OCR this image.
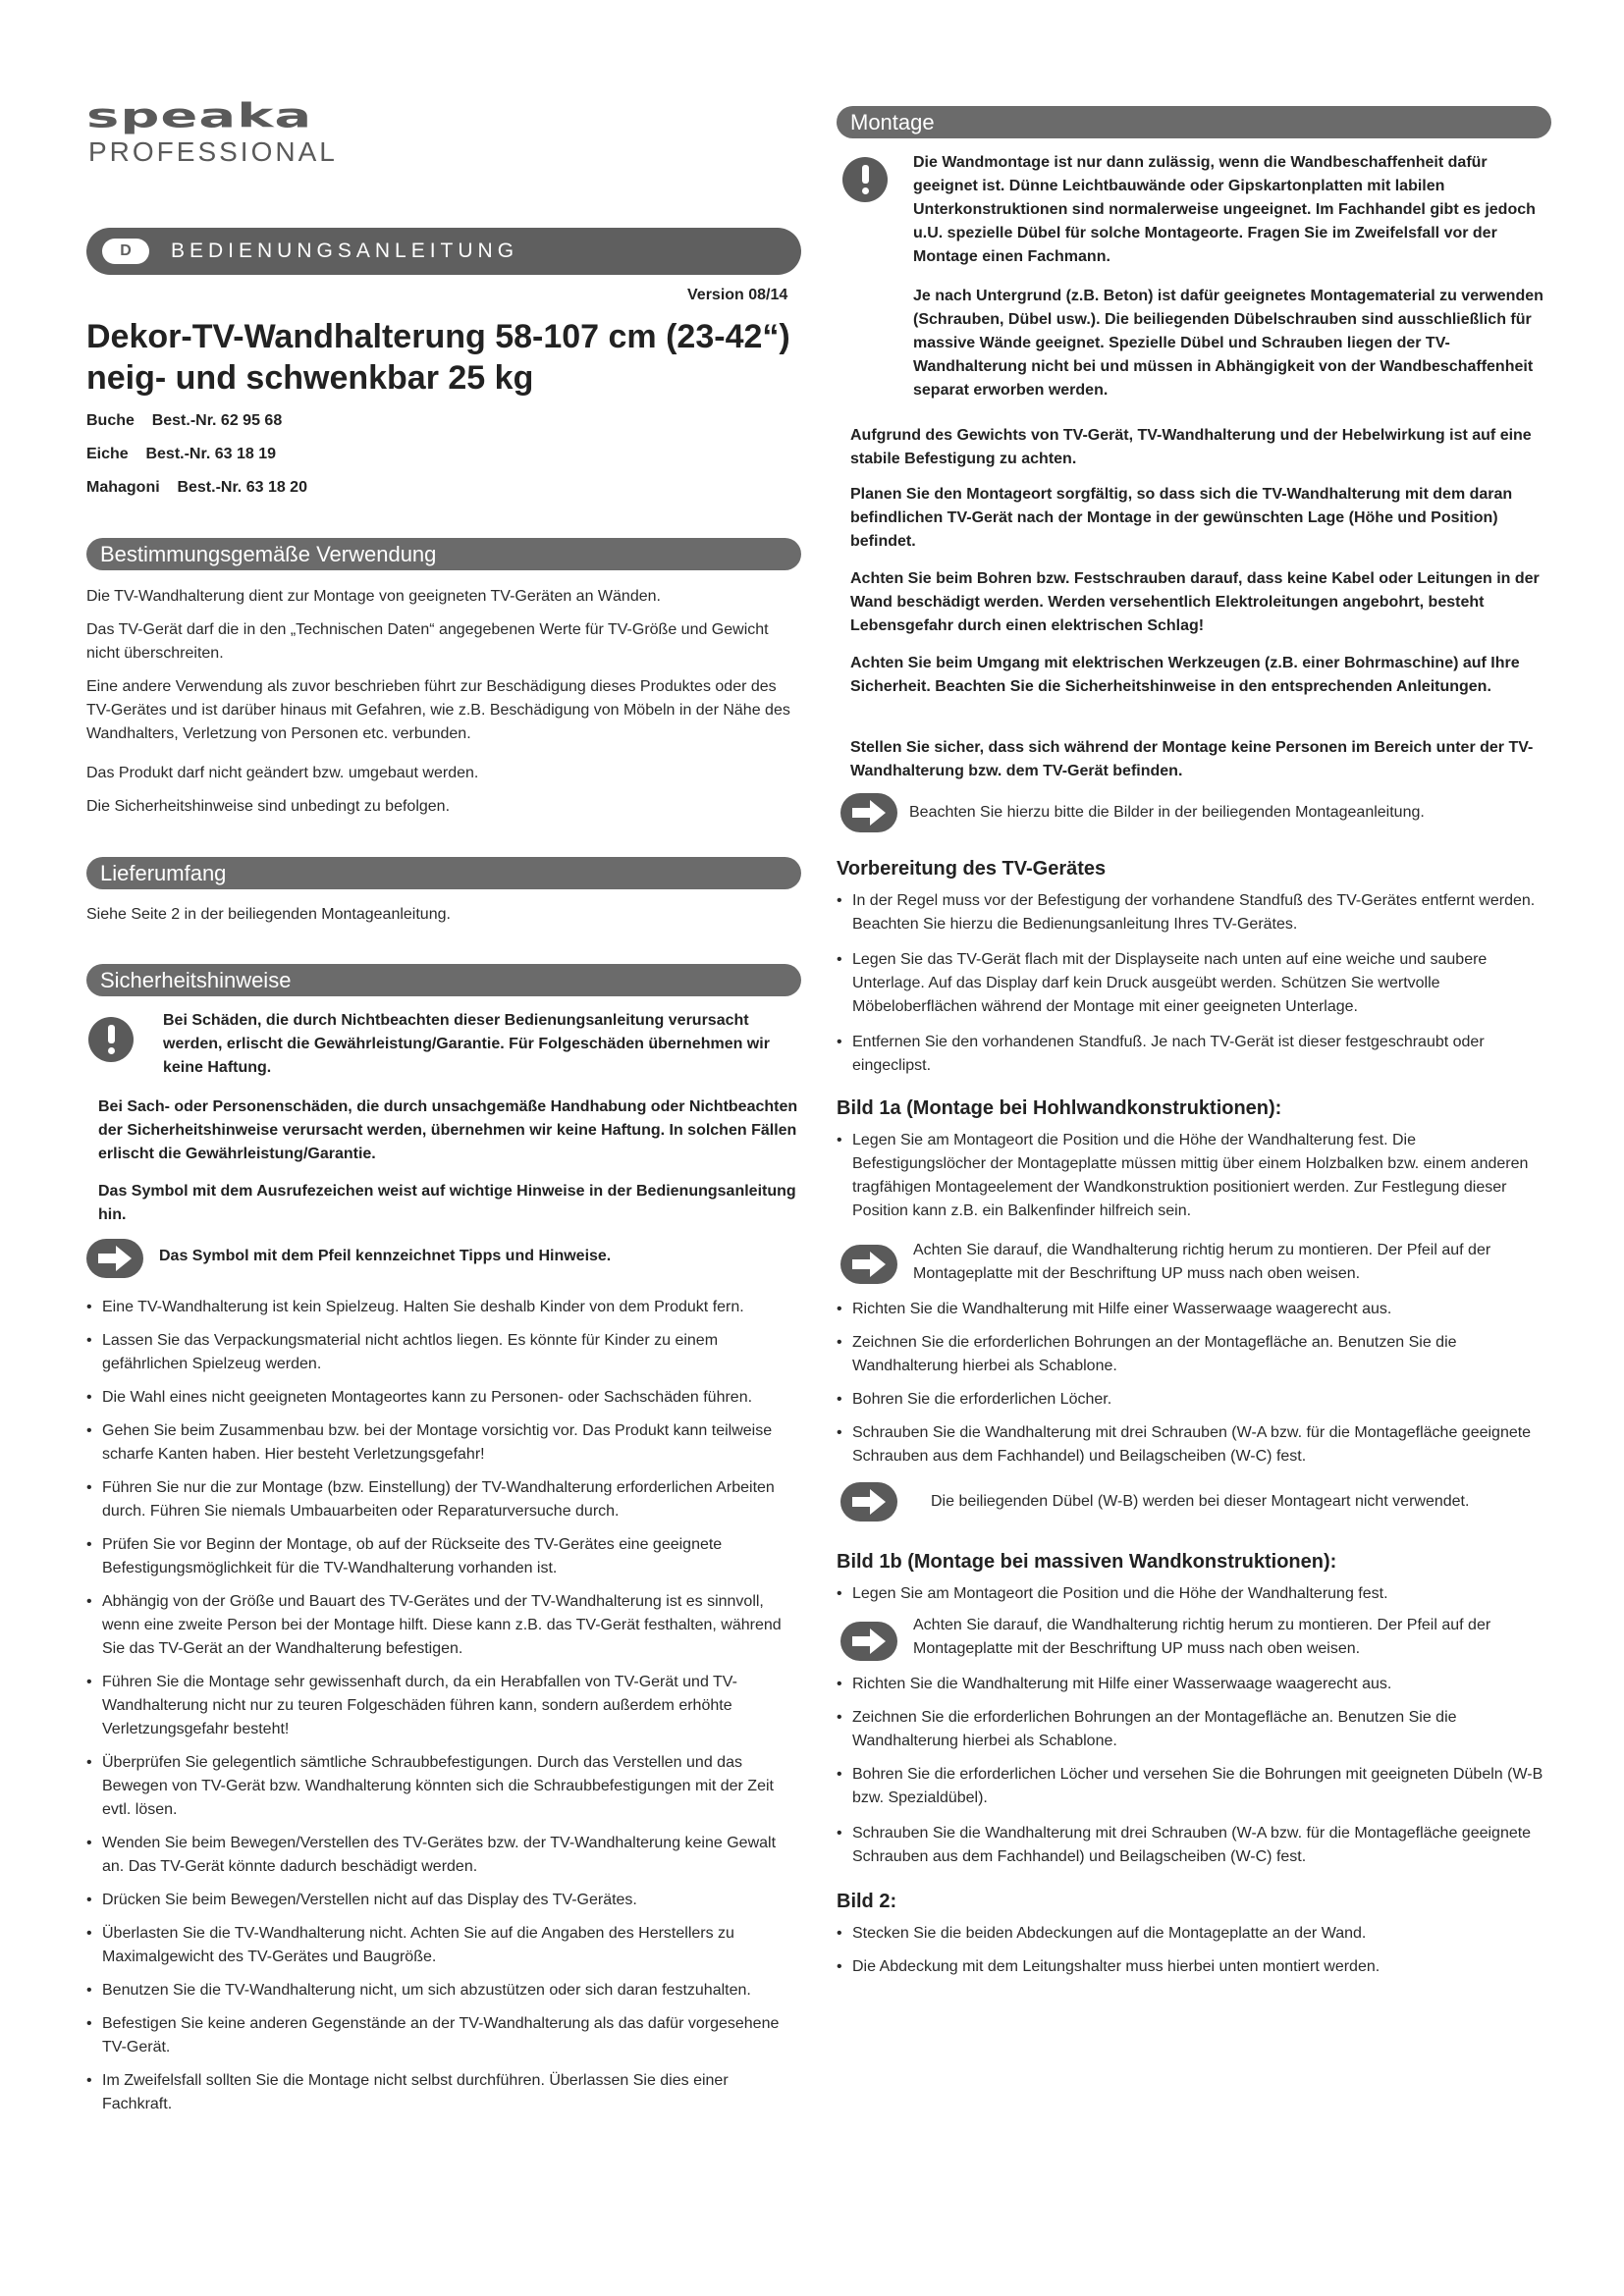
speaka
PROFESSIONAL
D	BEDIENUNGSANLEITUNG
Version 08/14
Dekor-TV-Wandhalterung 58-107 cm (23-42“)
neig- und schwenkbar 25 kg
Buche Best.-Nr. 62 95 68
Eiche Best.-Nr. 63 18 19
Mahagoni Best.-Nr. 63 18 20
Bestimmungsgemäße Verwendung
Die TV-Wandhalterung dient zur Montage von geeigneten TV-Geräten an Wänden.
Das TV-Gerät darf die in den „Technischen Daten“ angegebenen Werte für TV-Größe und Gewicht nicht überschreiten.
Eine andere Verwendung als zuvor beschrieben führt zur Beschädigung dieses Produktes oder des TV-Gerätes und ist darüber hinaus mit Gefahren, wie z.B. Beschädigung von Möbeln in der Nähe des Wandhalters, Verletzung von Personen etc. verbunden.
Das Produkt darf nicht geändert bzw. umgebaut werden.
Die Sicherheitshinweise sind unbedingt zu befolgen.
Lieferumfang
Siehe Seite 2 in der beiliegenden Montageanleitung.
Sicherheitshinweise
Bei Schäden, die durch Nichtbeachten dieser Bedienungsanleitung verursacht werden, erlischt die Gewährleistung/Garantie. Für Folgeschäden übernehmen wir keine Haftung.
Bei Sach- oder Personenschäden, die durch unsachgemäße Handhabung oder Nichtbeachten der Sicherheitshinweise verursacht werden, übernehmen wir keine Haftung. In solchen Fällen erlischt die Gewährleistung/Garantie.
Das Symbol mit dem Ausrufezeichen weist auf wichtige Hinweise in der Bedienungsanleitung hin.
Das Symbol mit dem Pfeil kennzeichnet Tipps und Hinweise.
• Eine TV-Wandhalterung ist kein Spielzeug. Halten Sie deshalb Kinder von dem Produkt fern.
• Lassen Sie das Verpackungsmaterial nicht achtlos liegen. Es könnte für Kinder zu einem gefährlichen Spielzeug werden.
• Die Wahl eines nicht geeigneten Montageortes kann zu Personen- oder Sachschäden führen.
• Gehen Sie beim Zusammenbau bzw. bei der Montage vorsichtig vor. Das Produkt kann teilweise scharfe Kanten haben. Hier besteht Verletzungsgefahr!
• Führen Sie nur die zur Montage (bzw. Einstellung) der TV-Wandhalterung erforderlichen Arbeiten durch. Führen Sie niemals Umbauarbeiten oder Reparaturversuche durch.
• Prüfen Sie vor Beginn der Montage, ob auf der Rückseite des TV-Gerätes eine geeignete Befestigungsmöglichkeit für die TV-Wandhalterung vorhanden ist.
• Abhängig von der Größe und Bauart des TV-Gerätes und der TV-Wandhalterung ist es sinnvoll, wenn eine zweite Person bei der Montage hilft. Diese kann z.B. das TV-Gerät festhalten, während Sie das TV-Gerät an der Wandhalterung befestigen.
• Führen Sie die Montage sehr gewissenhaft durch, da ein Herabfallen von TV-Gerät und TV-Wandhalterung nicht nur zu teuren Folgeschäden führen kann, sondern außerdem erhöhte Verletzungsgefahr besteht!
• Überprüfen Sie gelegentlich sämtliche Schraubbefestigungen. Durch das Verstellen und das Bewegen von TV-Gerät bzw. Wandhalterung könnten sich die Schraubbefestigungen mit der Zeit evtl. lösen.
• Wenden Sie beim Bewegen/Verstellen des TV-Gerätes bzw. der TV-Wandhalterung keine Gewalt an. Das TV-Gerät könnte dadurch beschädigt werden.
• Drücken Sie beim Bewegen/Verstellen nicht auf das Display des TV-Gerätes.
• Überlasten Sie die TV-Wandhalterung nicht. Achten Sie auf die Angaben des Herstellers zu Maximalgewicht des TV-Gerätes und Baugröße.
• Benutzen Sie die TV-Wandhalterung nicht, um sich abzustützen oder sich daran festzuhalten.
• Befestigen Sie keine anderen Gegenstände an der TV-Wandhalterung als das dafür vorgesehene TV-Gerät.
• Im Zweifelsfall sollten Sie die Montage nicht selbst durchführen. Überlassen Sie dies einer Fachkraft.
Montage
Die Wandmontage ist nur dann zulässig, wenn die Wandbeschaffenheit dafür geeignet ist. Dünne Leichtbauwände oder Gipskartonplatten mit labilen Unterkonstruktionen sind normalerweise ungeeignet. Im Fachhandel gibt es jedoch u.U. spezielle Dübel für solche Montageorte. Fragen Sie im Zweifelsfall vor der Montage einen Fachmann.
Je nach Untergrund (z.B. Beton) ist dafür geeignetes Montagematerial zu verwenden (Schrauben, Dübel usw.). Die beiliegenden Dübelschrauben sind ausschließlich für massive Wände geeignet. Spezielle Dübel und Schrauben liegen der TV-Wandhalterung nicht bei und müssen in Abhängigkeit von der Wandbeschaffenheit separat erworben werden.
Aufgrund des Gewichts von TV-Gerät, TV-Wandhalterung und der Hebelwirkung ist auf eine stabile Befestigung zu achten.
Planen Sie den Montageort sorgfältig, so dass sich die TV-Wandhalterung mit dem daran befindlichen TV-Gerät nach der Montage in der gewünschten Lage (Höhe und Position) befindet.
Achten Sie beim Bohren bzw. Festschrauben darauf, dass keine Kabel oder Leitungen in der Wand beschädigt werden. Werden versehentlich Elektroleitungen angebohrt, besteht Lebensgefahr durch einen elektrischen Schlag!
Achten Sie beim Umgang mit elektrischen Werkzeugen (z.B. einer Bohrmaschine) auf Ihre Sicherheit. Beachten Sie die Sicherheitshinweise in den entsprechenden Anleitungen.
Stellen Sie sicher, dass sich während der Montage keine Personen im Bereich unter der TV-Wandhalterung bzw. dem TV-Gerät befinden.
Beachten Sie hierzu bitte die Bilder in der beiliegenden Montageanleitung.
Vorbereitung des TV-Gerätes
• In der Regel muss vor der Befestigung der vorhandene Standfuß des TV-Gerätes entfernt werden. Beachten Sie hierzu die Bedienungsanleitung Ihres TV-Gerätes.
• Legen Sie das TV-Gerät flach mit der Displayseite nach unten auf eine weiche und saubere Unterlage. Auf das Display darf kein Druck ausgeübt werden. Schützen Sie wertvolle Möbeloberflächen während der Montage mit einer geeigneten Unterlage.
• Entfernen Sie den vorhandenen Standfuß. Je nach TV-Gerät ist dieser festgeschraubt oder eingeclipst.
Bild 1a (Montage bei Hohlwandkonstruktionen):
• Legen Sie am Montageort die Position und die Höhe der Wandhalterung fest. Die Befestigungslöcher der Montageplatte müssen mittig über einem Holzbalken bzw. einem anderen tragfähigen Montageelement der Wandkonstruktion positioniert werden. Zur Festlegung dieser Position kann z.B. ein Balkenfinder hilfreich sein.
Achten Sie darauf, die Wandhalterung richtig herum zu montieren. Der Pfeil auf der Montageplatte mit der Beschriftung UP muss nach oben weisen.
• Richten Sie die Wandhalterung mit Hilfe einer Wasserwaage waagerecht aus.
• Zeichnen Sie die erforderlichen Bohrungen an der Montagefläche an. Benutzen Sie die Wandhalterung hierbei als Schablone.
• Bohren Sie die erforderlichen Löcher.
• Schrauben Sie die Wandhalterung mit drei Schrauben (W-A bzw. für die Montagefläche geeignete Schrauben aus dem Fachhandel) und Beilagscheiben (W-C) fest.
Die beiliegenden Dübel (W-B) werden bei dieser Montageart nicht verwendet.
Bild 1b (Montage bei massiven Wandkonstruktionen):
• Legen Sie am Montageort die Position und die Höhe der Wandhalterung fest.
Achten Sie darauf, die Wandhalterung richtig herum zu montieren. Der Pfeil auf der Montageplatte mit der Beschriftung UP muss nach oben weisen.
• Richten Sie die Wandhalterung mit Hilfe einer Wasserwaage waagerecht aus.
• Zeichnen Sie die erforderlichen Bohrungen an der Montagefläche an. Benutzen Sie die Wandhalterung hierbei als Schablone.
• Bohren Sie die erforderlichen Löcher und versehen Sie die Bohrungen mit geeigneten Dübeln (W-B bzw. Spezialdübel).
• Schrauben Sie die Wandhalterung mit drei Schrauben (W-A bzw. für die Montagefläche geeignete Schrauben aus dem Fachhandel) und Beilagscheiben (W-C) fest.
Bild 2:
• Stecken Sie die beiden Abdeckungen auf die Montageplatte an der Wand.
• Die Abdeckung mit dem Leitungshalter muss hierbei unten montiert werden.
